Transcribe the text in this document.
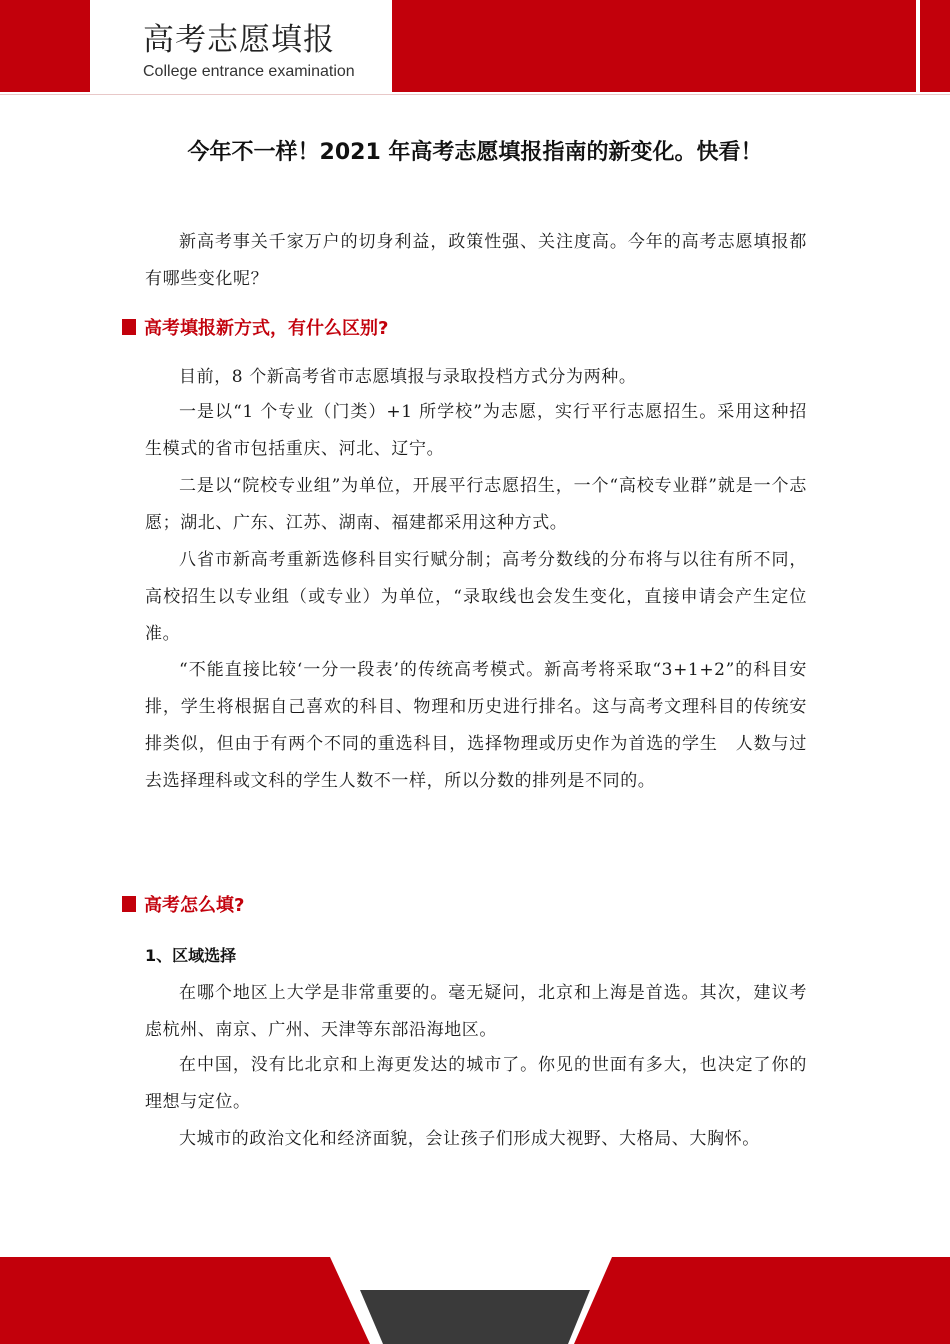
高考志愿填报
College entrance examination
今年不一样！2021 年高考志愿填报指南的新变化。快看！

新高考事关千家万户的切身利益，政策性强、关注度高。今年的高考志愿填报都有哪些变化呢？

高考填报新方式，有什么区别?

目前，8 个新高考省市志愿填报与录取投档方式分为两种。

一是以“1 个专业（门类）+1 所学校”为志愿，实行平行志愿招生。采用这种招生模式的省市包括重庆、河北、辽宁。

二是以“院校专业组”为单位，开展平行志愿招生，一个“高校专业群”就是一个志愿；湖北、广东、江苏、湖南、福建都采用这种方式。

八省市新高考重新选修科目实行赋分制；高考分数线的分布将与以往有所不同，高校招生以专业组（或专业）为单位，“录取线也会发生变化，直接申请会产生定位准。

“不能直接比较‘一分一段表’的传统高考模式。新高考将采取“3+1+2”的科目安排，学生将根据自己喜欢的科目、物理和历史进行排名。这与高考文理科目的传统安排类似，但由于有两个不同的重选科目，选择物理或历史作为首选的学生　人数与过去选择理科或文科的学生人数不一样，所以分数的排列是不同的。

高考怎么填?
1、区域选择

在哪个地区上大学是非常重要的。毫无疑问，北京和上海是首选。其次，建议考虑杭州、南京、广州、天津等东部沿海地区。

在中国，没有比北京和上海更发达的城市了。你见的世面有多大，也决定了你的理想与定位。

大城市的政治文化和经济面貌，会让孩子们形成大视野、大格局、大胸怀。
